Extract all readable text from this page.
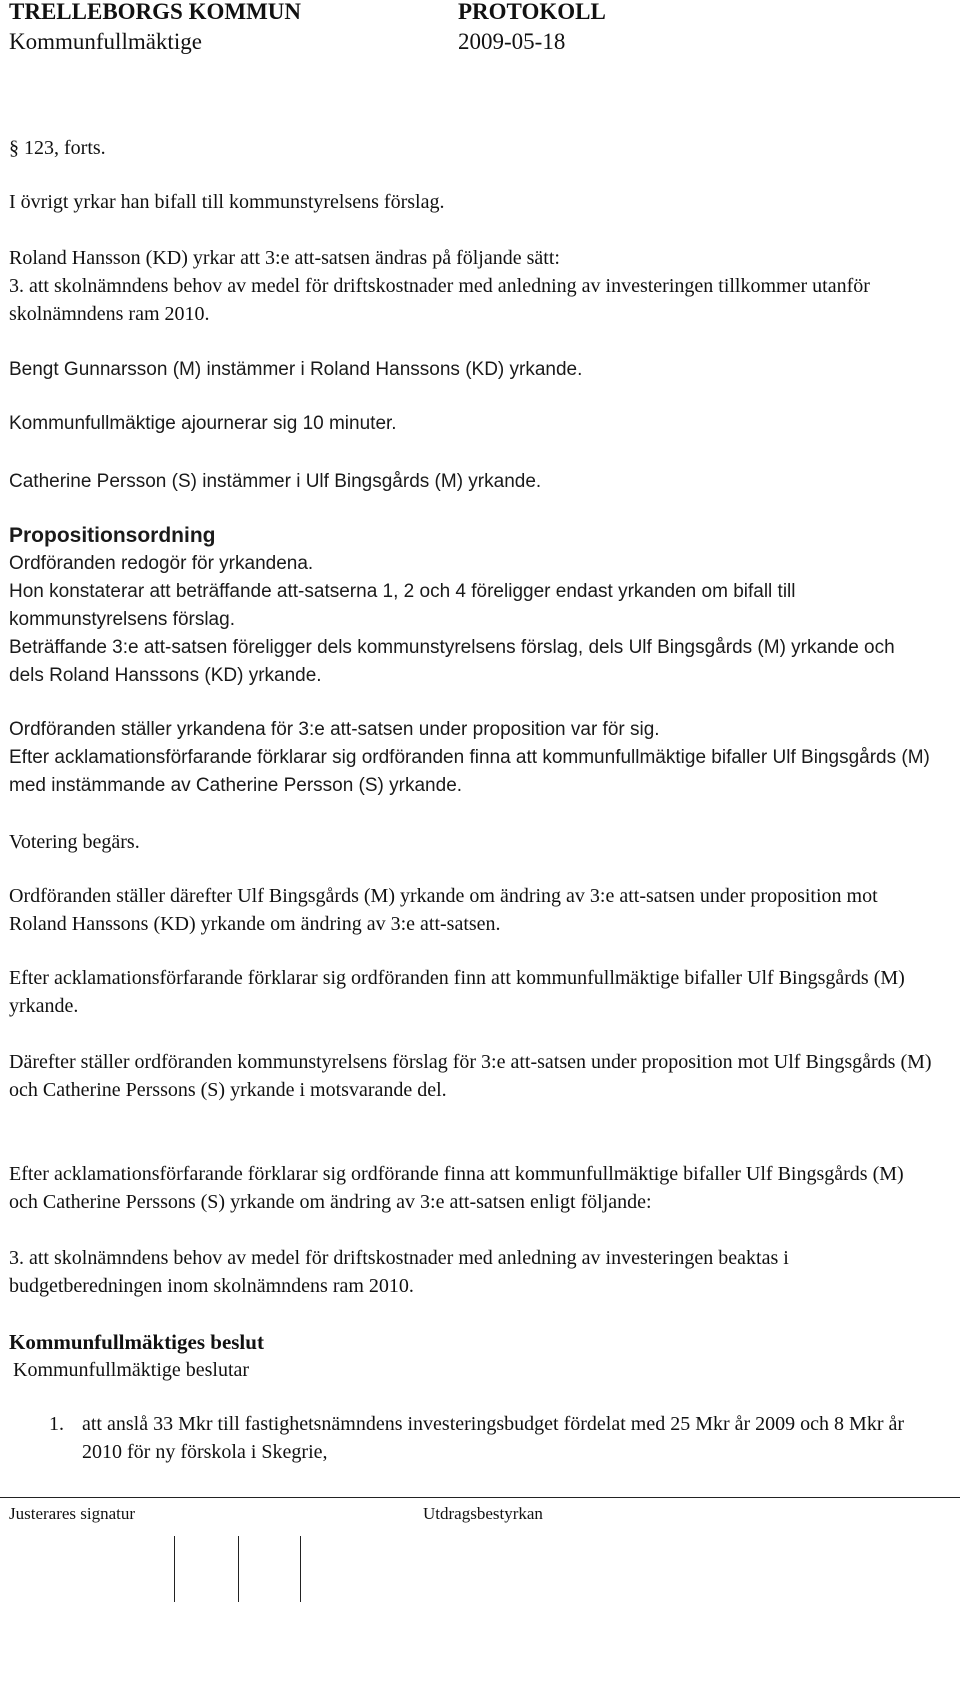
TRELLEBORGS KOMMUN	PROTOKOLL
Kommunfullmäktige	2009-05-18

§ 123, forts.

I övrigt yrkar han bifall till kommunstyrelsens förslag.

Roland Hansson (KD) yrkar att 3:e att-satsen ändras på följande sätt:

3. att skolnämndens behov av medel för driftskostnader med anledning av investeringen tillkommer utanför skolnämndens ram 2010.

Bengt Gunnarsson (M) instämmer i Roland Hanssons (KD) yrkande.

Kommunfullmäktige ajournerar sig 10 minuter.

Catherine Persson (S) instämmer i Ulf Bingsgårds (M) yrkande.

Propositionsordning

Ordföranden redogör för yrkandena.

Hon konstaterar att beträffande att-satserna 1, 2 och 4 föreligger endast yrkanden om bifall till kommunstyrelsens förslag.

Beträffande 3:e att-satsen föreligger dels kommunstyrelsens förslag, dels Ulf Bingsgårds (M) yrkande och dels Roland Hanssons (KD) yrkande.

Ordföranden ställer yrkandena för 3:e att-satsen under proposition var för sig.

Efter acklamationsförfarande förklarar sig ordföranden finna att kommunfullmäktige bifaller Ulf Bingsgårds (M) med instämmande av Catherine Persson (S) yrkande.

Votering begärs.

Ordföranden ställer därefter Ulf Bingsgårds (M) yrkande om ändring av 3:e att-satsen under proposition mot Roland Hanssons (KD) yrkande om ändring av 3:e att-satsen.

Efter acklamationsförfarande förklarar sig ordföranden finn att kommunfullmäktige bifaller Ulf Bingsgårds (M) yrkande.

Därefter ställer ordföranden kommunstyrelsens förslag för 3:e att-satsen under proposition mot Ulf Bingsgårds (M) och Catherine Perssons (S) yrkande i motsvarande del.

Efter acklamationsförfarande förklarar sig ordförande finna att kommunfullmäktige bifaller Ulf Bingsgårds (M) och Catherine Perssons (S) yrkande om ändring av 3:e att-satsen enligt följande:

3. att skolnämndens behov av medel för driftskostnader med anledning av investeringen beaktas i budgetberedningen inom skolnämndens ram 2010.

Kommunfullmäktiges beslut

Kommunfullmäktige beslutar

1. att anslå 33 Mkr till fastighetsnämndens investeringsbudget fördelat med 25 Mkr år 2009 och 8 Mkr år 2010 för ny förskola i Skegrie,

Justerares signatur	Utdragsbestyrkan
